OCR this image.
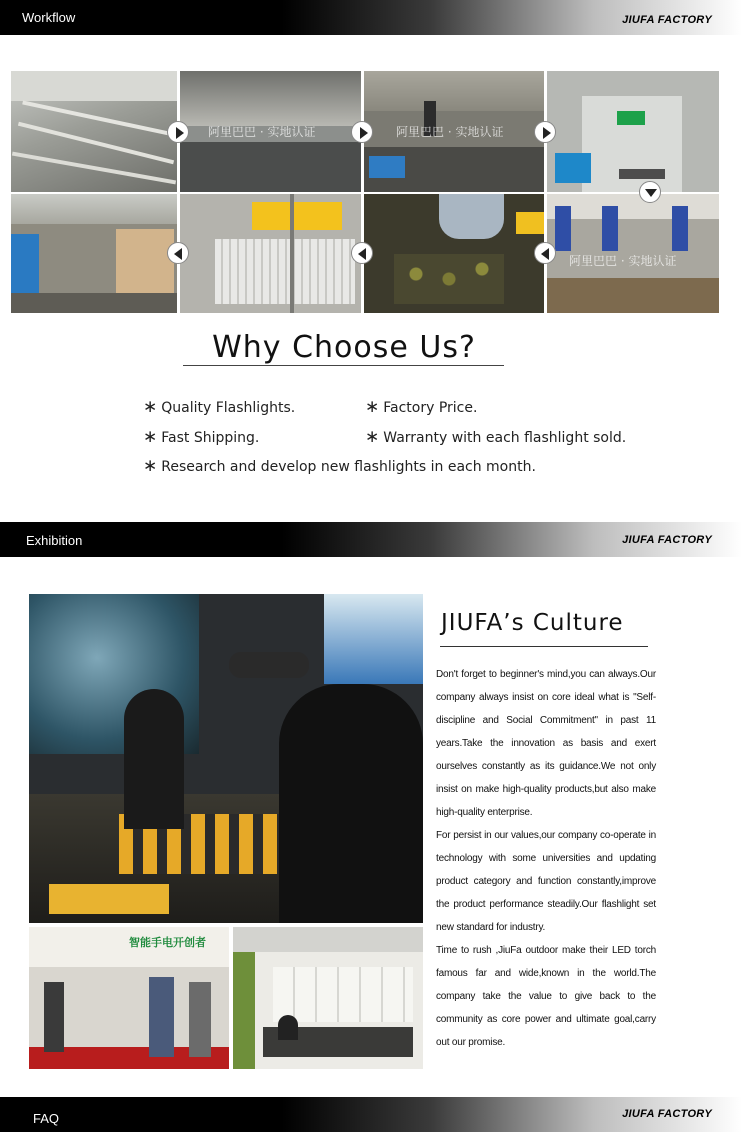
Workflow	JIUFA FACTORY
阿里巴巴 · 实地认证	阿里巴巴 · 实地认证
阿里巴巴 · 实地认证
Why Choose Us?
∗ Quality Flashlights.	∗ Factory Price.
∗ Fast Shipping.	∗ Warranty with each flashlight sold.
∗ Research and develop new flashlights in each month.
Exhibition	JIUFA FACTORY
智能手电开创者
JIUFA’s Culture

Don't forget to beginner's mind,you can always.Our company always insist on core ideal what is "Self-discipline and Social Commitment" in past 11 years.Take the innovation as basis and exert ourselves constantly as its guidance.We not only insist on make high-quality products,but also make high-quality enterprise.

For persist in our values,our company co-operate in technology with some universities and updating product category and function constantly,improve the product performance steadily.Our flashlight set new standard for industry.

Time to rush ,JiuFa outdoor make their LED torch famous far and wide,known in the world.The company take the value to give back to the community as core power and ultimate goal,carry out our promise.

FAQ	JIUFA FACTORY
